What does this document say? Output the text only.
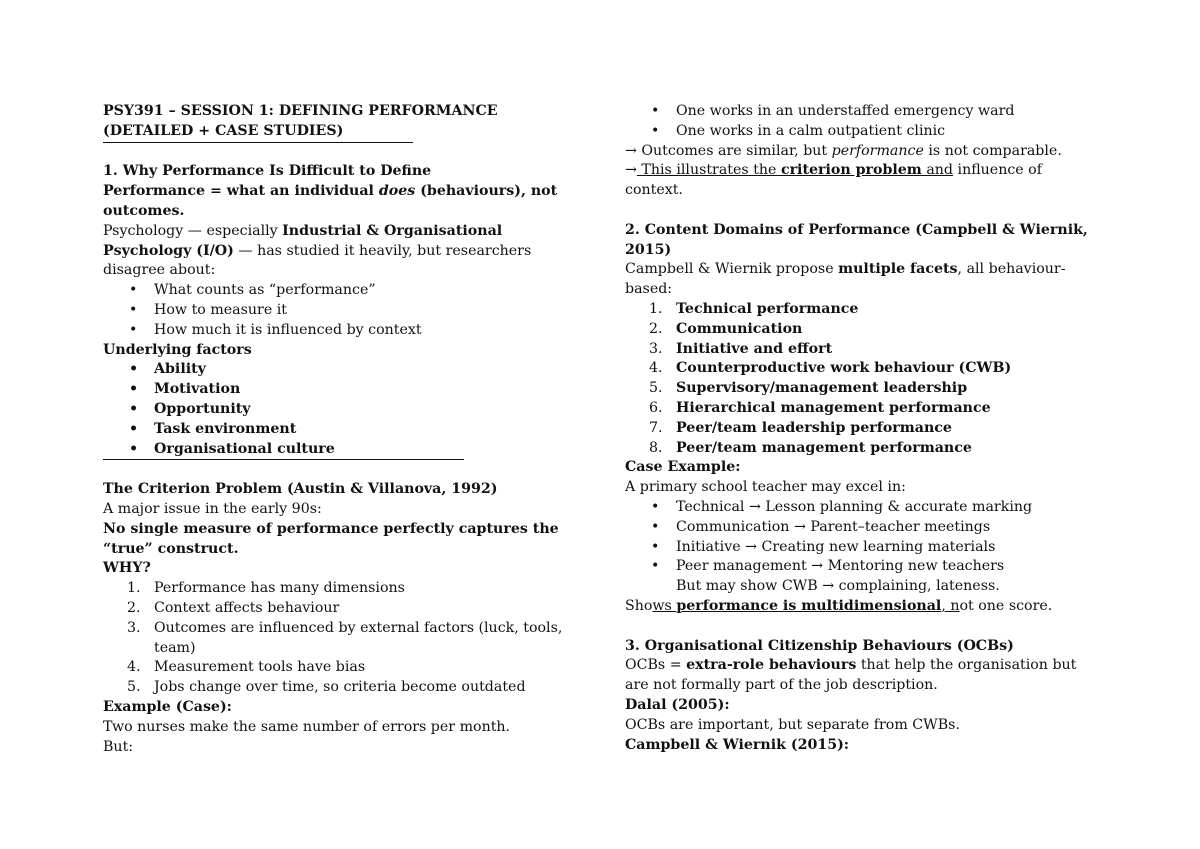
PSY391 – SESSION 1: DEFINING PERFORMANCE
(DETAILED + CASE STUDIES)

1. Why Performance Is Difficult to Define

Performance = what an individual does (behaviours), not outcomes.

Psychology — especially Industrial & Organisational Psychology (I/O) — has studied it heavily, but researchers disagree about:

• What counts as “performance”
• How to measure it
• How much it is influenced by context

Underlying factors

• Ability
• Motivation
• Opportunity
• Task environment
• Organisational culture

The Criterion Problem (Austin & Villanova, 1992)

A major issue in the early 90s:

No single measure of performance perfectly captures the “true” construct.

WHY?

1. Performance has many dimensions
2. Context affects behaviour
3. Outcomes are influenced by external factors (luck, tools, team)
4. Measurement tools have bias
5. Jobs change over time, so criteria become outdated

Example (Case):

Two nurses make the same number of errors per month.

But:

• One works in an understaffed emergency ward
• One works in a calm outpatient clinic

→ Outcomes are similar, but performance is not comparable.

→ This illustrates the criterion problem and influence of context.

2. Content Domains of Performance (Campbell & Wiernik, 2015)

Campbell & Wiernik propose multiple facets, all behaviour-based:

1. Technical performance
2. Communication
3. Initiative and effort
4. Counterproductive work behaviour (CWB)
5. Supervisory/management leadership
6. Hierarchical management performance
7. Peer/team leadership performance
8. Peer/team management performance

Case Example:

A primary school teacher may excel in:

• Technical → Lesson planning & accurate marking
• Communication → Parent–teacher meetings
• Initiative → Creating new learning materials
• Peer management → Mentoring new teachers

But may show CWB → complaining, lateness.

Shows performance is multidimensional, not one score.

3. Organisational Citizenship Behaviours (OCBs)

OCBs = extra-role behaviours that help the organisation but are not formally part of the job description.

Dalal (2005):

OCBs are important, but separate from CWBs.

Campbell & Wiernik (2015):
